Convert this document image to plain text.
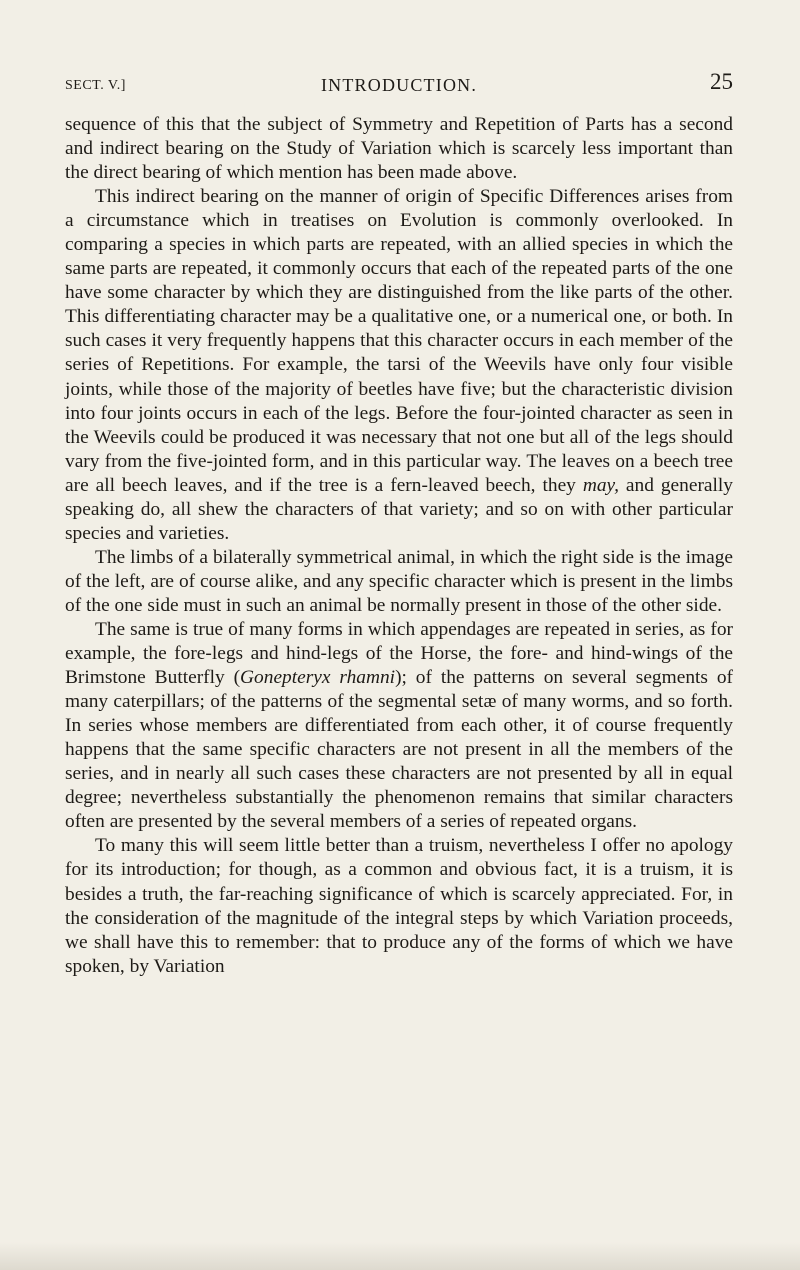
SECT. V.]	INTRODUCTION.	25

sequence of this that the subject of Symmetry and Repetition of Parts has a second and indirect bearing on the Study of Variation which is scarcely less important than the direct bearing of which mention has been made above.

This indirect bearing on the manner of origin of Specific Differences arises from a circumstance which in treatises on Evolution is commonly overlooked. In comparing a species in which parts are repeated, with an allied species in which the same parts are repeated, it commonly occurs that each of the repeated parts of the one have some character by which they are distinguished from the like parts of the other. This differentiating character may be a qualitative one, or a numerical one, or both. In such cases it very frequently happens that this character occurs in each member of the series of Repetitions. For example, the tarsi of the Weevils have only four visible joints, while those of the majority of beetles have five; but the characteristic division into four joints occurs in each of the legs. Before the four-jointed character as seen in the Weevils could be produced it was necessary that not one but all of the legs should vary from the five-jointed form, and in this particular way. The leaves on a beech tree are all beech leaves, and if the tree is a fern-leaved beech, they may, and generally speaking do, all shew the characters of that variety; and so on with other particular species and varieties.

The limbs of a bilaterally symmetrical animal, in which the right side is the image of the left, are of course alike, and any specific character which is present in the limbs of the one side must in such an animal be normally present in those of the other side.

The same is true of many forms in which appendages are repeated in series, as for example, the fore-legs and hind-legs of the Horse, the fore- and hind-wings of the Brimstone Butterfly (Gonepteryx rhamni); of the patterns on several segments of many caterpillars; of the patterns of the segmental setæ of many worms, and so forth. In series whose members are differentiated from each other, it of course frequently happens that the same specific characters are not present in all the members of the series, and in nearly all such cases these characters are not presented by all in equal degree; nevertheless substantially the phenomenon remains that similar characters often are presented by the several members of a series of repeated organs.

To many this will seem little better than a truism, nevertheless I offer no apology for its introduction; for though, as a common and obvious fact, it is a truism, it is besides a truth, the far-reaching significance of which is scarcely appreciated. For, in the consideration of the magnitude of the integral steps by which Variation proceeds, we shall have this to remember: that to produce any of the forms of which we have spoken, by Variation
